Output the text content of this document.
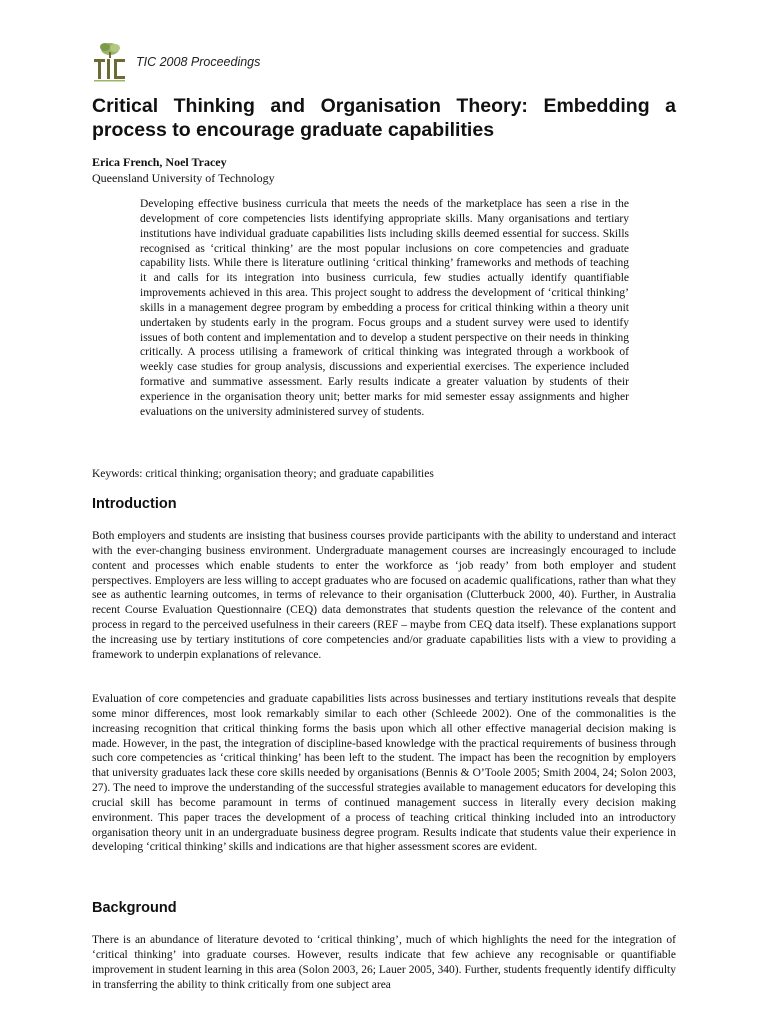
TIC 2008 Proceedings
Critical Thinking and Organisation Theory: Embedding a process to encourage graduate capabilities
Erica French, Noel Tracey
Queensland University of Technology

Developing effective business curricula that meets the needs of the marketplace has seen a rise in the development of core competencies lists identifying appropriate skills. Many organisations and tertiary institutions have individual graduate capabilities lists including skills deemed essential for success. Skills recognised as ‘critical thinking’ are the most popular inclusions on core competencies and graduate capability lists. While there is literature outlining ‘critical thinking’ frameworks and methods of teaching it and calls for its integration into business curricula, few studies actually identify quantifiable improvements achieved in this area. This project sought to address the development of ‘critical thinking’ skills in a management degree program by embedding a process for critical thinking within a theory unit undertaken by students early in the program. Focus groups and a student survey were used to identify issues of both content and implementation and to develop a student perspective on their needs in thinking critically. A process utilising a framework of critical thinking was integrated through a workbook of weekly case studies for group analysis, discussions and experiential exercises. The experience included formative and summative assessment. Early results indicate a greater valuation by students of their experience in the organisation theory unit; better marks for mid semester essay assignments and higher evaluations on the university administered survey of students.

Keywords: critical thinking; organisation theory; and graduate capabilities
Introduction

Both employers and students are insisting that business courses provide participants with the ability to understand and interact with the ever-changing business environment. Undergraduate management courses are increasingly encouraged to include content and processes which enable students to enter the workforce as ‘job ready’ from both employer and student perspectives. Employers are less willing to accept graduates who are focused on academic qualifications, rather than what they see as authentic learning outcomes, in terms of relevance to their organisation (Clutterbuck 2000, 40). Further, in Australia recent Course Evaluation Questionnaire (CEQ) data demonstrates that students question the relevance of the content and process in regard to the perceived usefulness in their careers (REF – maybe from CEQ data itself). These explanations support the increasing use by tertiary institutions of core competencies and/or graduate capabilities lists with a view to providing a framework to underpin explanations of relevance.

Evaluation of core competencies and graduate capabilities lists across businesses and tertiary institutions reveals that despite some minor differences, most look remarkably similar to each other (Schleede 2002). One of the commonalities is the increasing recognition that critical thinking forms the basis upon which all other effective managerial decision making is made. However, in the past, the integration of discipline-based knowledge with the practical requirements of business through such core competencies as ‘critical thinking’ has been left to the student. The impact has been the recognition by employers that university graduates lack these core skills needed by organisations (Bennis & O’Toole 2005; Smith 2004, 24; Solon 2003, 27). The need to improve the understanding of the successful strategies available to management educators for developing this crucial skill has become paramount in terms of continued management success in literally every decision making environment. This paper traces the development of a process of teaching critical thinking included into an introductory organisation theory unit in an undergraduate business degree program. Results indicate that students value their experience in developing ‘critical thinking’ skills and indications are that higher assessment scores are evident.

Background

There is an abundance of literature devoted to ‘critical thinking’, much of which highlights the need for the integration of ‘critical thinking’ into graduate courses. However, results indicate that few achieve any recognisable or quantifiable improvement in student learning in this area (Solon 2003, 26; Lauer 2005, 340). Further, students frequently identify difficulty in transferring the ability to think critically from one subject area
